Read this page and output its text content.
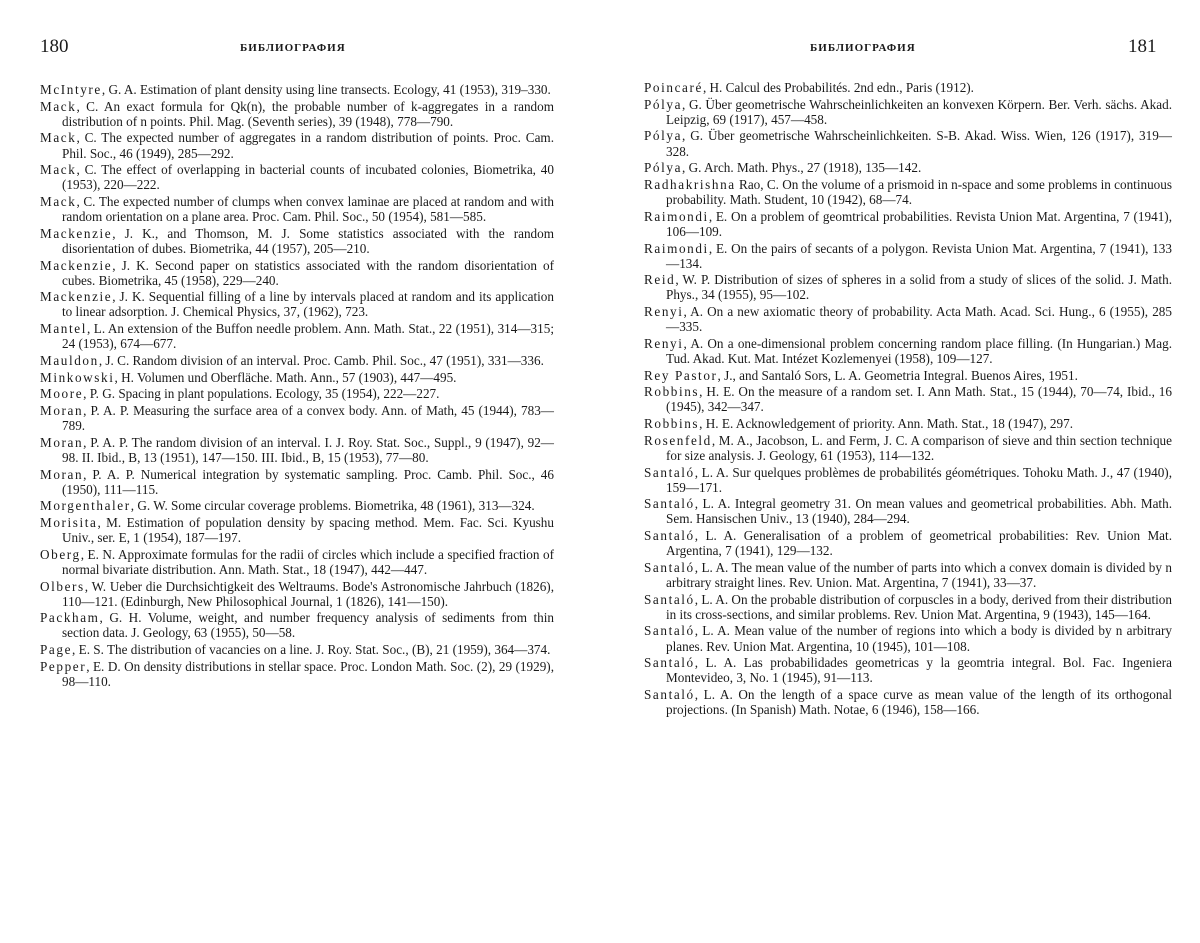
180	БИБЛИОГРАФИЯ

McIntyre, G. A. Estimation of plant density using line transects. Ecology, 41 (1953), 319–330.

Mack, C. An exact formula for Qk(n), the probable number of k-aggregates in a random distribution of n points. Phil. Mag. (Seventh series), 39 (1948), 778—790.

Mack, C. The expected number of aggregates in a random distribution of points. Proc. Cam. Phil. Soc., 46 (1949), 285—292.

Mack, C. The effect of overlapping in bacterial counts of incubated colonies, Biometrika, 40 (1953), 220—222.

Mack, C. The expected number of clumps when convex laminae are placed at random and with random orientation on a plane area. Proc. Cam. Phil. Soc., 50 (1954), 581—585.

Mackenzie, J. K., and Thomson, M. J. Some statistics associated with the random disorientation of dubes. Biometrika, 44 (1957), 205—210.

Mackenzie, J. K. Second paper on statistics associated with the random disorientation of cubes. Biometrika, 45 (1958), 229—240.

Mackenzie, J. K. Sequential filling of a line by intervals placed at random and its application to linear adsorption. J. Chemical Physics, 37, (1962), 723.

Mantel, L. An extension of the Buffon needle problem. Ann. Math. Stat., 22 (1951), 314—315; 24 (1953), 674—677.

Mauldon, J. C. Random division of an interval. Proc. Camb. Phil. Soc., 47 (1951), 331—336.

Minkowski, H. Volumen und Oberfläche. Math. Ann., 57 (1903), 447—495.

Moore, P. G. Spacing in plant populations. Ecology, 35 (1954), 222—227.

Moran, P. A. P. Measuring the surface area of a convex body. Ann. of Math, 45 (1944), 783—789.

Moran, P. A. P. The random division of an interval. I. J. Roy. Stat. Soc., Suppl., 9 (1947), 92—98. II. Ibid., B, 13 (1951), 147—150. III. Ibid., B, 15 (1953), 77—80.

Moran, P. A. P. Numerical integration by systematic sampling. Proc. Camb. Phil. Soc., 46 (1950), 111—115.

Morgenthaler, G. W. Some circular coverage problems. Biometrika, 48 (1961), 313—324.

Morisita, M. Estimation of population density by spacing method. Mem. Fac. Sci. Kyushu Univ., ser. E, 1 (1954), 187—197.

Oberg, E. N. Approximate formulas for the radii of circles which include a specified fraction of normal bivariate distribution. Ann. Math. Stat., 18 (1947), 442—447.

Olbers, W. Ueber die Durchsichtigkeit des Weltraums. Bode's Astronomische Jahrbuch (1826), 110—121. (Edinburgh, New Philosophical Journal, 1 (1826), 141—150).

Packham, G. H. Volume, weight, and number frequency analysis of sediments from thin section data. J. Geology, 63 (1955), 50—58.

Page, E. S. The distribution of vacancies on a line. J. Roy. Stat. Soc., (B), 21 (1959), 364—374.

Pepper, E. D. On density distributions in stellar space. Proc. London Math. Soc. (2), 29 (1929), 98—110.

БИБЛИОГРАФИЯ	181

Poincaré, H. Calcul des Probabilités. 2nd edn., Paris (1912).

Pólya, G. Über geometrische Wahrscheinlichkeiten an konvexen Körpern. Ber. Verh. sächs. Akad. Leipzig, 69 (1917), 457—458.

Pólya, G. Über geometrische Wahrscheinlichkeiten. S-B. Akad. Wiss. Wien, 126 (1917), 319—328.

Pólya, G. Arch. Math. Phys., 27 (1918), 135—142.

Radhakrishna Rao, C. On the volume of a prismoid in n-space and some problems in continuous probability. Math. Student, 10 (1942), 68—74.

Raimondi, E. On a problem of geomtrical probabilities. Revista Union Mat. Argentina, 7 (1941), 106—109.

Raimondi, E. On the pairs of secants of a polygon. Revista Union Mat. Argentina, 7 (1941), 133—134.

Reid, W. P. Distribution of sizes of spheres in a solid from a study of slices of the solid. J. Math. Phys., 34 (1955), 95—102.

Renyi, A. On a new axiomatic theory of probability. Acta Math. Acad. Sci. Hung., 6 (1955), 285—335.

Renyi, A. On a one-dimensional problem concerning random place filling. (In Hungarian.) Mag. Tud. Akad. Kut. Mat. Intézet Kozlemenyei (1958), 109—127.

Rey Pastor, J., and Santaló Sors, L. A. Geometria Integral. Buenos Aires, 1951.

Robbins, H. E. On the measure of a random set. I. Ann Math. Stat., 15 (1944), 70—74, Ibid., 16 (1945), 342—347.

Robbins, H. E. Acknowledgement of priority. Ann. Math. Stat., 18 (1947), 297.

Rosenfeld, M. A., Jacobson, L. and Ferm, J. C. A comparison of sieve and thin section technique for size analysis. J. Geology, 61 (1953), 114—132.

Santaló, L. A. Sur quelques problèmes de probabilités géométriques. Tohoku Math. J., 47 (1940), 159—171.

Santaló, L. A. Integral geometry 31. On mean values and geometrical probabilities. Abh. Math. Sem. Hansischen Univ., 13 (1940), 284—294.

Santaló, L. A. Generalisation of a problem of geometrical probabilities: Rev. Union Mat. Argentina, 7 (1941), 129—132.

Santaló, L. A. The mean value of the number of parts into which a convex domain is divided by n arbitrary straight lines. Rev. Union. Mat. Argentina, 7 (1941), 33—37.

Santaló, L. A. On the probable distribution of corpuscles in a body, derived from their distribution in its cross-sections, and similar problems. Rev. Union Mat. Argentina, 9 (1943), 145—164.

Santaló, L. A. Mean value of the number of regions into which a body is divided by n arbitrary planes. Rev. Union Mat. Argentina, 10 (1945), 101—108.

Santaló, L. A. Las probabilidades geometricas y la geomtria integral. Bol. Fac. Ingeniera Montevideo, 3, No. 1 (1945), 91—113.

Santaló, L. A. On the length of a space curve as mean value of the length of its orthogonal projections. (In Spanish) Math. Notae, 6 (1946), 158—166.
